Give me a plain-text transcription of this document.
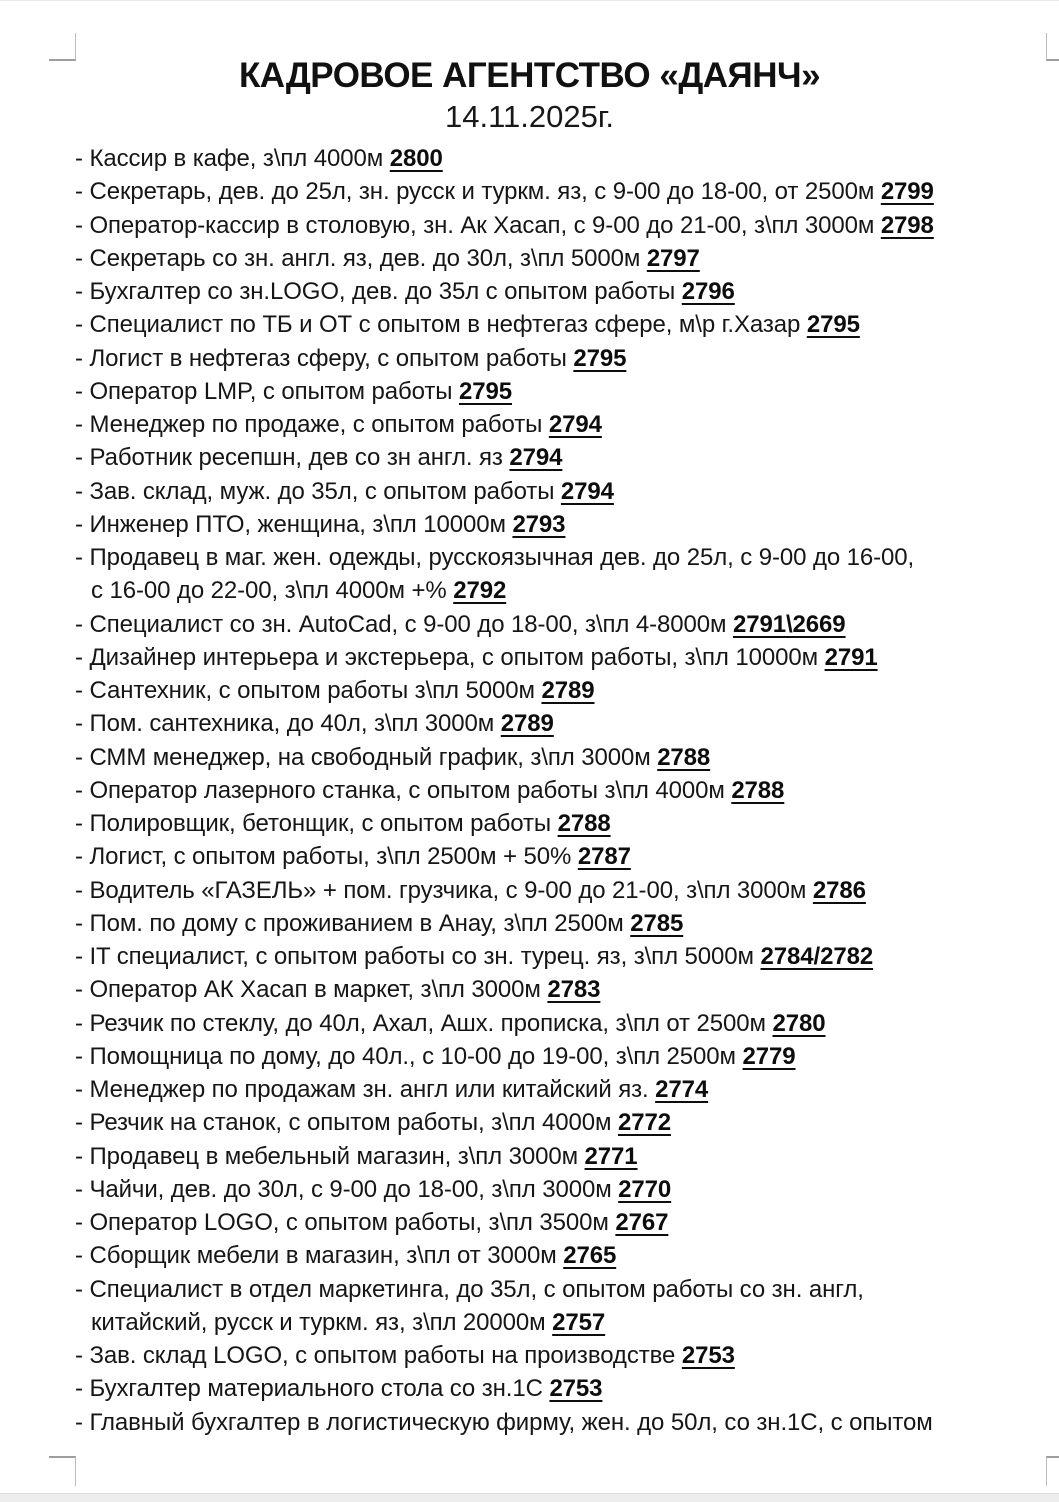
КАДРОВОЕ АГЕНТСТВО «ДАЯНЧ»
14.11.2025г.
- Кассир в кафе, з\пл 4000м 2800
- Секретарь, дев. до 25л, зн. русск и туркм. яз, с 9-00 до 18-00, от 2500м 2799
- Оператор-кассир в столовую, зн. Ак Хасап, с 9-00 до 21-00, з\пл 3000м 2798
- Секретарь со зн. англ. яз, дев. до 30л, з\пл 5000м 2797
- Бухгалтер со зн.LOGO, дев. до 35л с опытом работы 2796
- Специалист по ТБ и ОТ с опытом в нефтегаз сфере, м\р г.Хазар 2795
- Логист в нефтегаз сферу, с опытом работы 2795
- Оператор LMP, с опытом работы 2795
- Менеджер по продаже, с опытом работы 2794
- Работник ресепшн, дев со зн англ. яз 2794
- Зав. склад, муж. до 35л, с опытом работы 2794
- Инженер ПТО, женщина, з\пл 10000м 2793
- Продавец в маг. жен. одежды, русскоязычная дев. до 25л, с 9-00 до 16-00,
с 16-00 до 22-00, з\пл 4000м +% 2792
- Специалист со зн. AutoCad, с 9-00 до 18-00, з\пл 4-8000м 2791\2669
- Дизайнер интерьера и экстерьера, с опытом работы, з\пл 10000м 2791
- Сантехник, с опытом работы з\пл 5000м 2789
- Пом. сантехника, до 40л, з\пл 3000м 2789
- СММ менеджер, на свободный график, з\пл 3000м 2788
- Оператор лазерного станка, с опытом работы з\пл 4000м 2788
- Полировщик, бетонщик, с опытом работы 2788
- Логист, с опытом работы, з\пл 2500м + 50% 2787
- Водитель «ГАЗЕЛЬ» + пом. грузчика, с 9-00 до 21-00, з\пл 3000м 2786
- Пом. по дому с проживанием в Анау, з\пл 2500м 2785
- IT специалист, с опытом работы со зн. турец. яз, з\пл 5000м 2784/2782
- Оператор АК Хасап в маркет, з\пл 3000м 2783
- Резчик по стеклу, до 40л, Ахал, Ашх. прописка, з\пл от 2500м 2780
- Помощница по дому, до 40л., с 10-00 до 19-00, з\пл 2500м 2779
- Менеджер по продажам зн. англ или китайский яз. 2774
- Резчик на станок, с опытом работы, з\пл 4000м 2772
- Продавец в мебельный магазин, з\пл 3000м 2771
- Чайчи, дев. до 30л, с 9-00 до 18-00, з\пл 3000м 2770
- Оператор LOGO, с опытом работы, з\пл 3500м 2767
- Сборщик мебели в магазин, з\пл от 3000м 2765
- Специалист в отдел маркетинга, до 35л, с опытом работы со зн. англ,
китайский, русск и туркм. яз, з\пл 20000м 2757
- Зав. склад LOGO, с опытом работы на производстве 2753
- Бухгалтер материального стола со зн.1С 2753
- Главный бухгалтер в логистическую фирму, жен. до 50л, со зн.1С, с опытом
